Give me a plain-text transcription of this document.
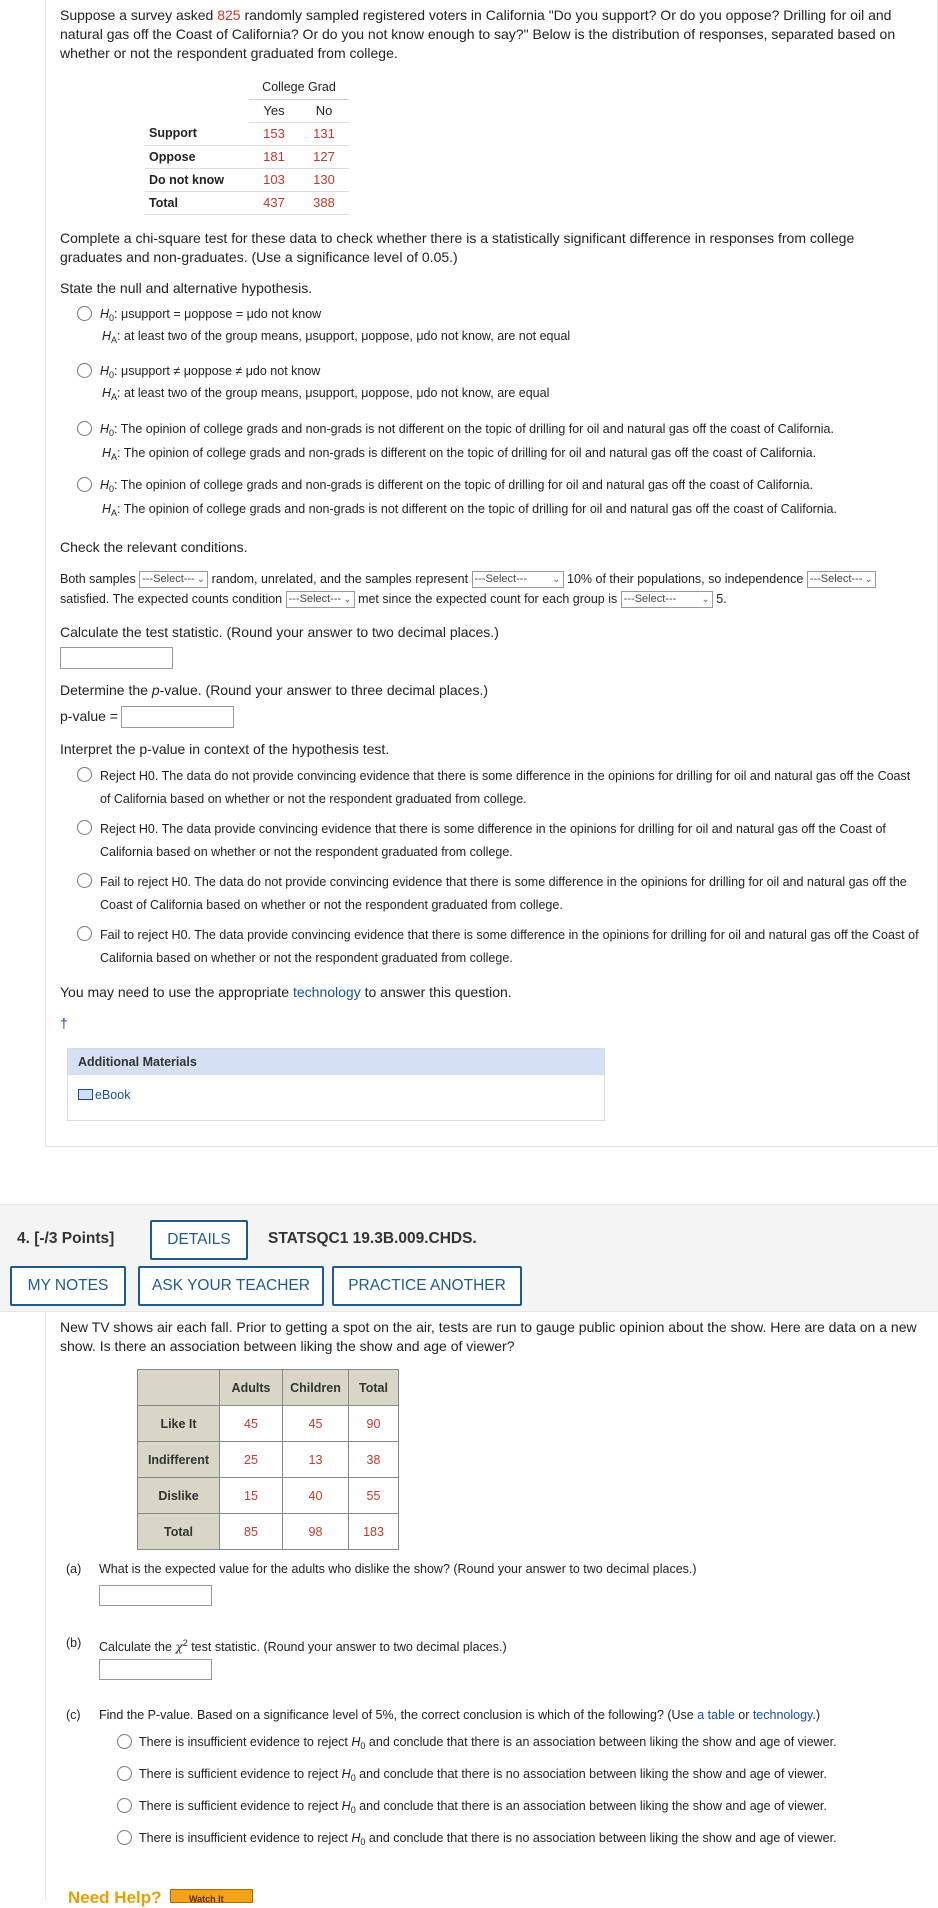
Suppose a survey asked 825 randomly sampled registered voters in California "Do you support? Or do you oppose? Drilling for oil and natural gas off the Coast of California? Or do you not know enough to say?" Below is the distribution of responses, separated based on whether or not the respondent graduated from college.
	College Grad	
	Yes	No
Support	153	131
Oppose	181	127
Do not know	103	130
Total	437	388
Complete a chi-square test for these data to check whether there is a statistically significant difference in responses from college graduates and non-graduates. (Use a significance level of 0.05.)
State the null and alternative hypothesis.
$H_0$: μsupport = μoppose = μdo not know
$H_A$: at least two of the group means, μsupport, μoppose, μdo not know, are not equal
$H_0$: μsupport ≠ μoppose ≠ μdo not know
$H_A$: at least two of the group means, μsupport, μoppose, μdo not know, are equal
$H_0$: The opinion of college grads and non-grads is not different on the topic of drilling for oil and natural gas off the coast of California.
$H_A$: The opinion of college grads and non-grads is different on the topic of drilling for oil and natural gas off the coast of California.
$H_0$: The opinion of college grads and non-grads is different on the topic of drilling for oil and natural gas off the coast of California.
$H_A$: The opinion of college grads and non-grads is not different on the topic of drilling for oil and natural gas off the coast of California.
Check the relevant conditions.
Both samples ---Select--- ⌄ random, unrelated, and the samples represent ---Select---	⌄ 10% of their populations, so independence ---Select--- ⌄
satisfied. The expected counts condition ---Select--- ⌄ met since the expected count for each group is ---Select---	⌄ 5.
Calculate the test statistic. (Round your answer to two decimal places.)
Determine the p-value. (Round your answer to three decimal places.)
p-value =
Interpret the p-value in context of the hypothesis test.
Reject H0. The data do not provide convincing evidence that there is some difference in the opinions for drilling for oil and natural gas off the Coast of California based on whether or not the respondent graduated from college.
Reject H0. The data provide convincing evidence that there is some difference in the opinions for drilling for oil and natural gas off the Coast of California based on whether or not the respondent graduated from college.
Fail to reject H0. The data do not provide convincing evidence that there is some difference in the opinions for drilling for oil and natural gas off the Coast of California based on whether or not the respondent graduated from college.
Fail to reject H0. The data provide convincing evidence that there is some difference in the opinions for drilling for oil and natural gas off the Coast of California based on whether or not the respondent graduated from college.
You may need to use the appropriate technology to answer this question.
†
Additional Materials
eBook
4. [-/3 Points]	DETAILS	STATSQC1 19.3B.009.CHDS.
MY NOTES	ASK YOUR TEACHER	PRACTICE ANOTHER
New TV shows air each fall. Prior to getting a spot on the air, tests are run to gauge public opinion about the show. Here are data on a new show. Is there an association between liking the show and age of viewer?
	Adults	Children	Total
Like It	45	45	90
Indifferent	25	13	38
Dislike	15	40	55
Total	85	98	183
(a) What is the expected value for the adults who dislike the show? (Round your answer to two decimal places.)
(b) Calculate the $\chi^2$ test statistic. (Round your answer to two decimal places.)
(c) Find the P-value. Based on a significance level of 5%, the correct conclusion is which of the following? (Use a table or technology.)
There is insufficient evidence to reject $H_0$ and conclude that there is an association between liking the show and age of viewer.
There is sufficient evidence to reject $H_0$ and conclude that there is no association between liking the show and age of viewer.
There is sufficient evidence to reject $H_0$ and conclude that there is an association between liking the show and age of viewer.
There is insufficient evidence to reject $H_0$ and conclude that there is no association between liking the show and age of viewer.
Need Help?	Watch It
